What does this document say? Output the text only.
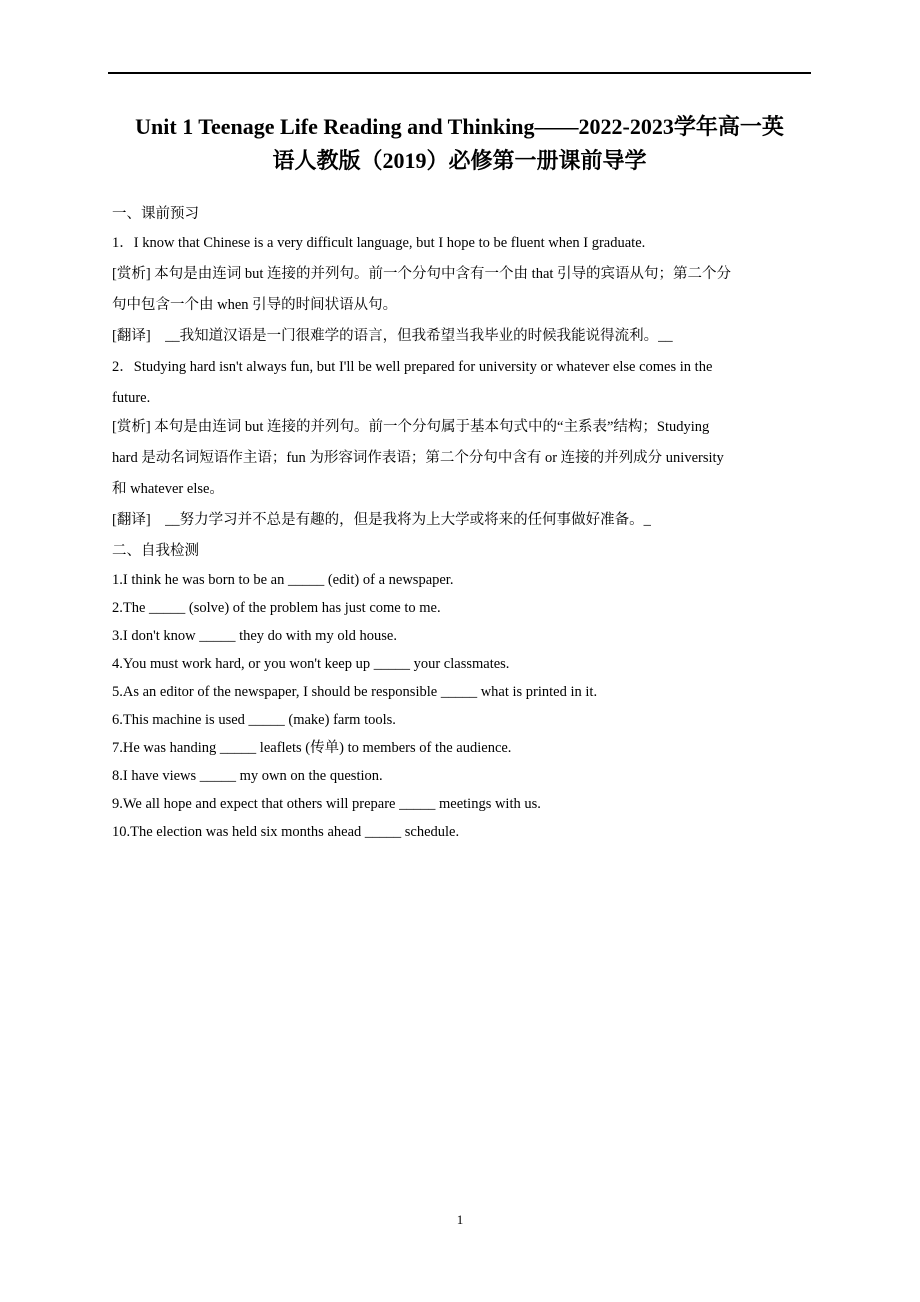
Unit 1 Teenage Life Reading and Thinking——2022-2023学年高一英
语人教版（2019）必修第一册课前导学
一、课前预习
1．I know that Chinese is a very difficult language, but I hope to be fluent when I graduate.
[赏析] 本句是由连词 but 连接的并列句。前一个分句中含有一个由 that 引导的宾语从句；第二个分
句中包含一个由 when 引导的时间状语从句。
[翻译]　__我知道汉语是一门很难学的语言，但我希望当我毕业的时候我能说得流利。__
2．Studying hard isn't always fun, but I'll be well prepared for university or whatever else comes in the
future.
[赏析] 本句是由连词 but 连接的并列句。前一个分句属于基本句式中的“主系表”结构；Studying
hard 是动名词短语作主语；fun 为形容词作表语；第二个分句中含有 or 连接的并列成分 university
和 whatever else。
[翻译]　__努力学习并不总是有趣的，但是我将为上大学或将来的任何事做好准备。_
二、自我检测
1.I think he was born to be an _____ (edit) of a newspaper.
2.The _____ (solve) of the problem has just come to me.
3.I don't know _____ they do with my old house.
4.You must work hard, or you won't keep up _____ your classmates.
5.As an editor of the newspaper, I should be responsible _____ what is printed in it.
6.This machine is used _____ (make) farm tools.
7.He was handing _____ leaflets (传单) to members of the audience.
8.I have views _____ my own on the question.
9.We all hope and expect that others will prepare _____ meetings with us.
10.The election was held six months ahead _____ schedule.
1
